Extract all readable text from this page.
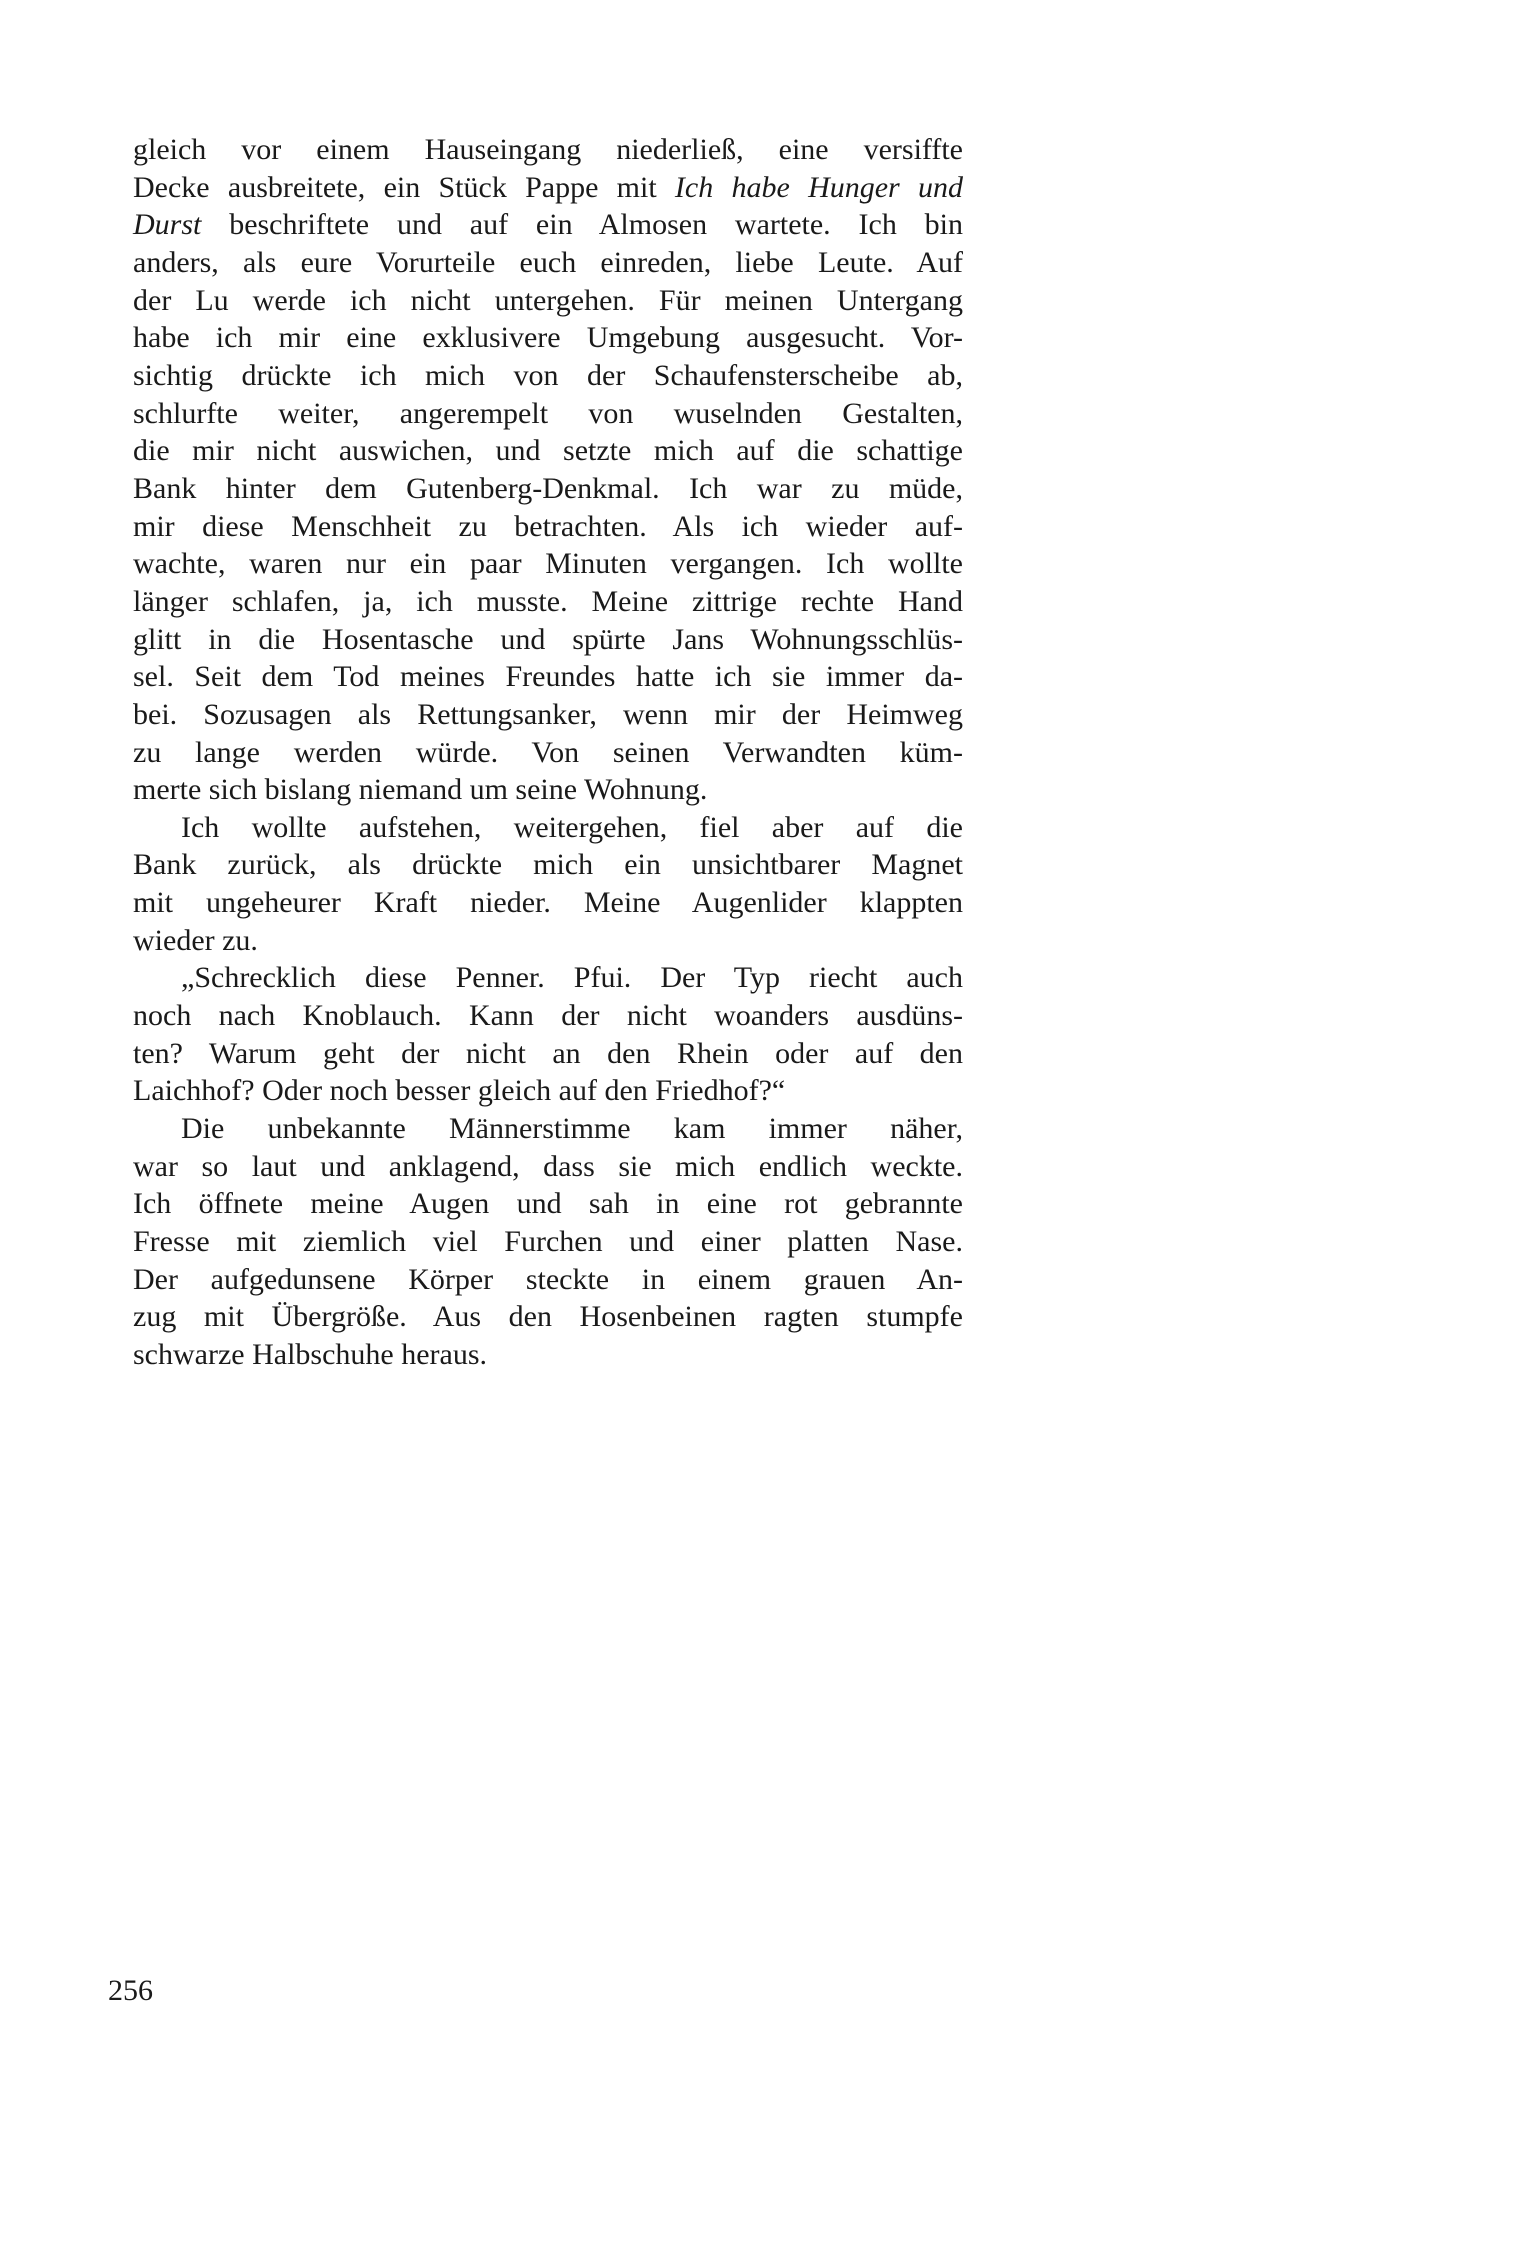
gleich vor einem Hauseingang niederließ, eine versiffte
Decke ausbreitete, ein Stück Pappe mit Ich habe Hunger und
Durst beschriftete und auf ein Almosen wartete. Ich bin
anders, als eure Vorurteile euch einreden, liebe Leute. Auf
der Lu werde ich nicht untergehen. Für meinen Untergang
habe ich mir eine exklusivere Umgebung ausgesucht. Vor-
sichtig drückte ich mich von der Schaufensterscheibe ab,
schlurfte weiter, angerempelt von wuselnden Gestalten,
die mir nicht auswichen, und setzte mich auf die schattige
Bank hinter dem Gutenberg-Denkmal. Ich war zu müde,
mir diese Menschheit zu betrachten. Als ich wieder auf-
wachte, waren nur ein paar Minuten vergangen. Ich wollte
länger schlafen, ja, ich musste. Meine zittrige rechte Hand
glitt in die Hosentasche und spürte Jans Wohnungsschlüs-
sel. Seit dem Tod meines Freundes hatte ich sie immer da-
bei. Sozusagen als Rettungsanker, wenn mir der Heimweg
zu lange werden würde. Von seinen Verwandten küm-
merte sich bislang niemand um seine Wohnung.
Ich wollte aufstehen, weitergehen, fiel aber auf die
Bank zurück, als drückte mich ein unsichtbarer Magnet
mit ungeheurer Kraft nieder. Meine Augenlider klappten
wieder zu.
„Schrecklich diese Penner. Pfui. Der Typ riecht auch
noch nach Knoblauch. Kann der nicht woanders ausdüns-
ten? Warum geht der nicht an den Rhein oder auf den
Laichhof? Oder noch besser gleich auf den Friedhof?“
Die unbekannte Männerstimme kam immer näher,
war so laut und anklagend, dass sie mich endlich weckte.
Ich öffnete meine Augen und sah in eine rot gebrannte
Fresse mit ziemlich viel Furchen und einer platten Nase.
Der aufgedunsene Körper steckte in einem grauen An-
zug mit Übergröße. Aus den Hosenbeinen ragten stumpfe
schwarze Halbschuhe heraus.
256
